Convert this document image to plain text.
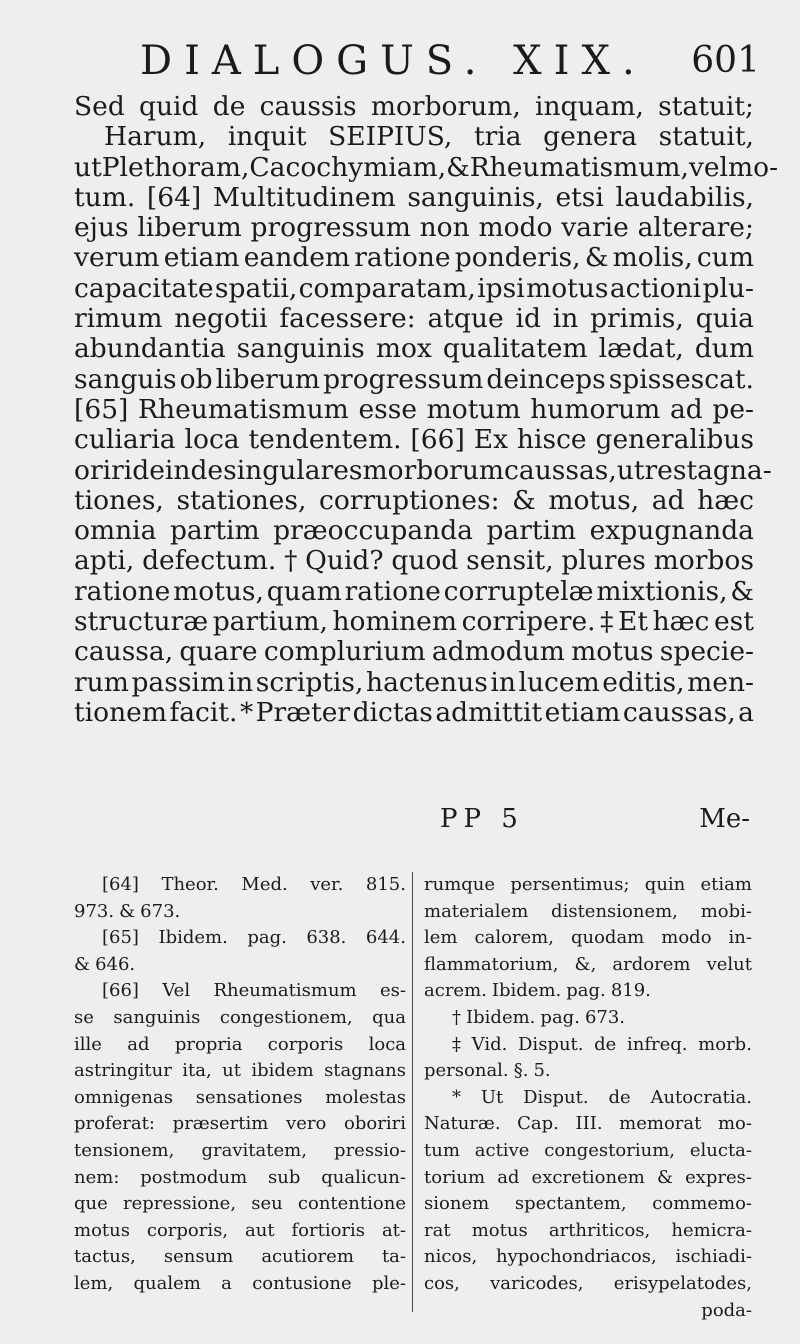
DIALOGUS. XIX. 601
Sed quid de caussis morborum, inquam, statuit;
Harum, inquit SEIPIUS, tria genera statuit,
ut Plethoram, Cacochymiam, & Rheumatismum, vel mo-
tum. [64] Multitudinem sanguinis, etsi laudabilis,
ejus liberum progressum non modo varie alterare;
verum etiam eandem ratione ponderis, & molis, cum
capacitate spatii, comparatam, ipsi motus actioni plu-
rimum negotii facessere: atque id in primis, quia
abundantia sanguinis mox qualitatem lædat, dum
sanguis ob liberum progressum deinceps spissescat.
[65] Rheumatismum esse motum humorum ad pe-
culiaria loca tendentem. [66] Ex hisce generalibus
oriri deinde singulares morborum caussas, ut restagna-
tiones, stationes, corruptiones: & motus, ad hæc
omnia partim præoccupanda partim expugnanda
apti, defectum. † Quid? quod sensit, plures morbos
ratione motus, quam ratione corruptelæ mixtionis, &
structuræ partium, hominem corripere. ‡ Et hæc est
caussa, quare complurium admodum motus specie-
rum passim in scriptis, hactenus in lucem editis, men-
tionem facit. * Præter dictas admittit etiam caussas, a
PP 5	Me-
[64] Theor. Med. ver. 815.
973. & 673.
[65] Ibidem. pag. 638. 644.
& 646.
[66] Vel Rheumatismum es-
se sanguinis congestionem, qua
ille ad propria corporis loca
astringitur ita, ut ibidem stagnans
omnigenas sensationes molestas
proferat: præsertim vero oboriri
tensionem, gravitatem, pressio-
nem: postmodum sub qualicun-
que repressione, seu contentione
motus corporis, aut fortioris at-
tactus, sensum acutiorem ta-
lem, qualem a contusione ple-
rumque persentimus; quin etiam
materialem distensionem, mobi-
lem calorem, quodam modo in-
flammatorium, &, ardorem velut
acrem. Ibidem. pag. 819.
† Ibidem. pag. 673.
‡ Vid. Disput. de infreq. morb.
personal. §. 5.
* Ut Disput. de Autocratia.
Naturæ. Cap. III. memorat mo-
tum active congestorium, elucta-
torium ad excretionem & expres-
sionem spectantem, commemo-
rat motus arthriticos, hemicra-
nicos, hypochondriacos, ischiadi-
cos, varicodes, erisypelatodes,
poda-
